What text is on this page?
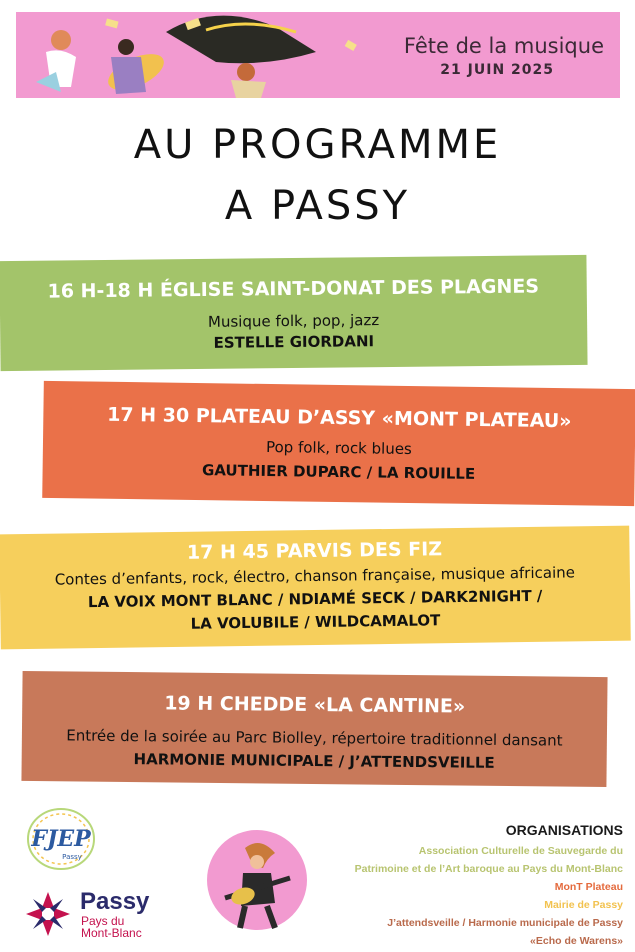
Fête de la musique
21 JUIN 2025
AU PROGRAMME
A PASSY
16 H-18 H ÉGLISE SAINT-DONAT DES PLAGNES
Musique folk, pop, jazz
ESTELLE GIORDANI
17 H 30 PLATEAU D’ASSY «MONT PLATEAU»
Pop folk, rock blues
GAUTHIER DUPARC / LA ROUILLE
17 H 45 PARVIS DES FIZ
Contes d’enfants, rock, électro, chanson française, musique africaine
LA VOIX MONT BLANC / NDIAMÉ SECK / DARK2NIGHT /
LA VOLUBILE / WILDCAMALOT
19 H CHEDDE «LA CANTINE»
Entrée de la soirée au Parc Biolley, répertoire traditionnel dansant
HARMONIE MUNICIPALE / J’ATTENDSVEILLE
FJEP
Passy
Passy
Pays du
Mont-Blanc
ORGANISATIONS
Association Culturelle de Sauvegarde du
Patrimoine et de l’Art baroque au Pays du Mont-Blanc
MonT Plateau
Mairie de Passy
J’attendsveille / Harmonie municipale de Passy
«Echo de Warens»
